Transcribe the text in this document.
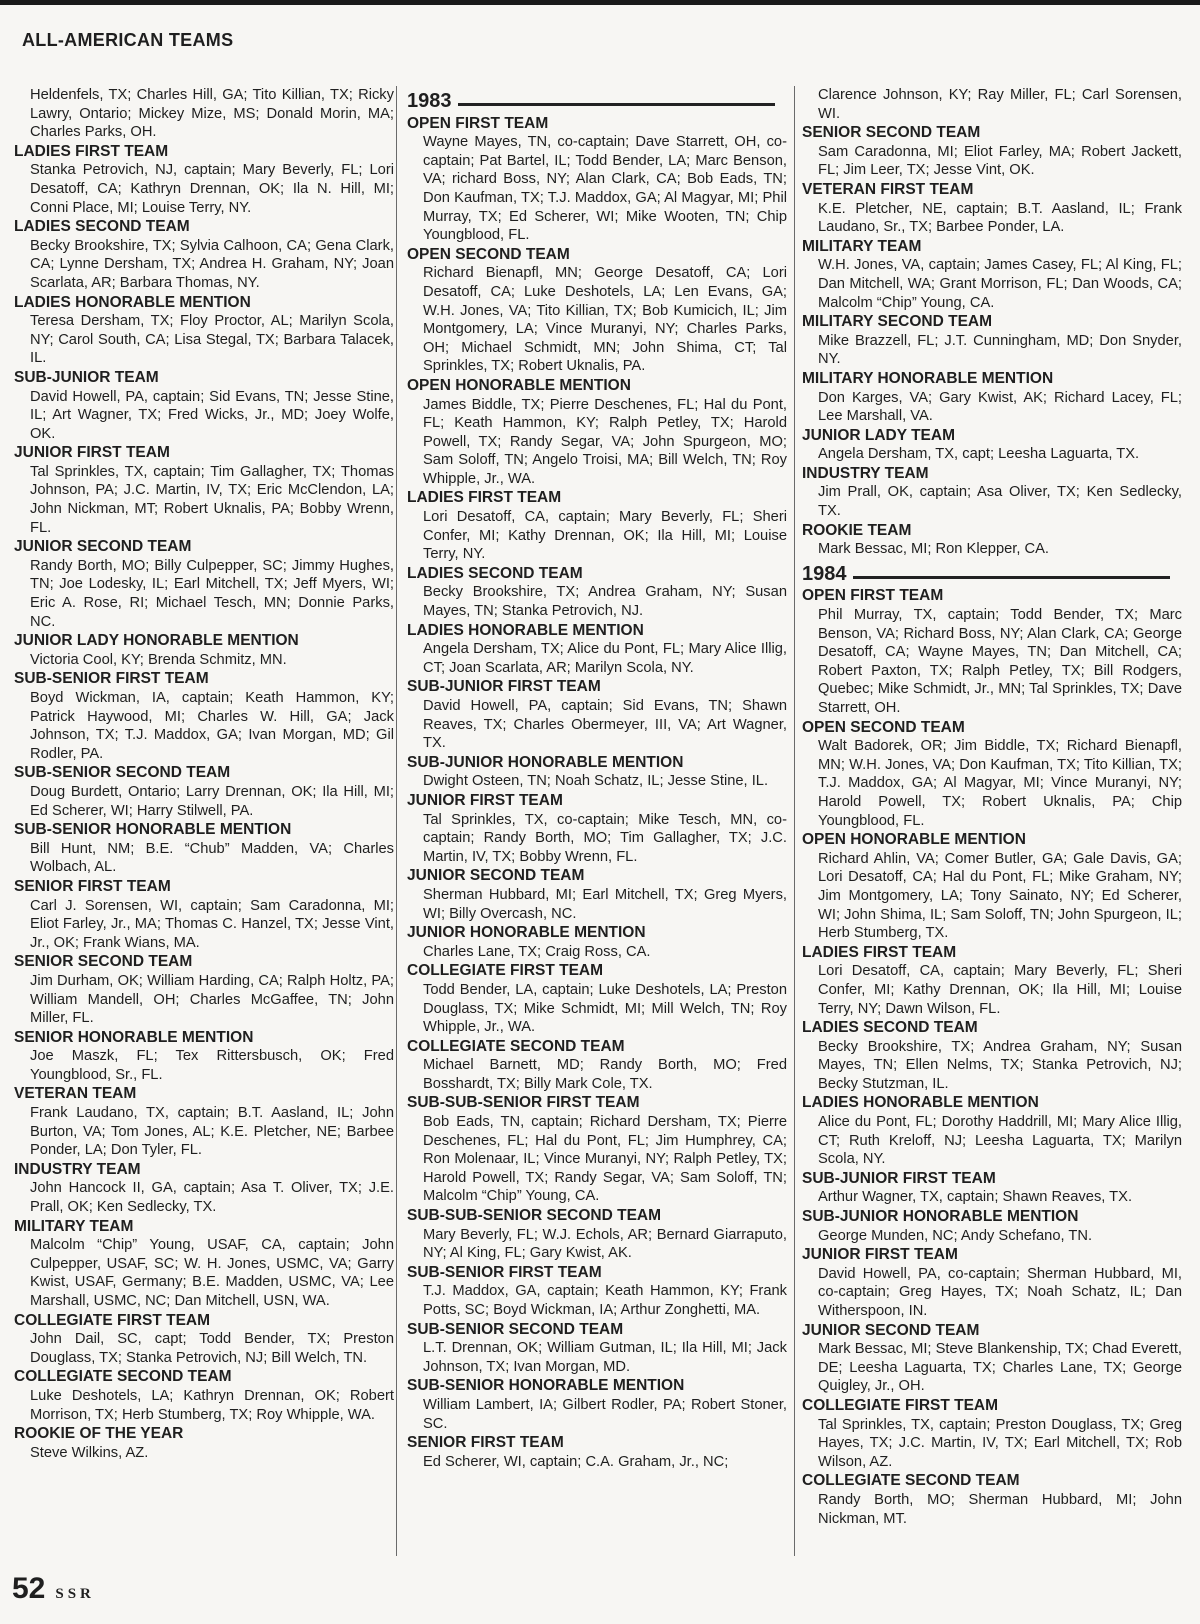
ALL-AMERICAN TEAMS
Heldenfels, TX; Charles Hill, GA; Tito Killian, TX; Ricky Lawry, Ontario; Mickey Mize, MS; Donald Morin, MA; Charles Parks, OH.
LADIES FIRST TEAM
Stanka Petrovich, NJ, captain; Mary Beverly, FL; Lori Desatoff, CA; Kathryn Drennan, OK; Ila N. Hill, MI; Conni Place, MI; Louise Terry, NY.
LADIES SECOND TEAM
Becky Brookshire, TX; Sylvia Calhoon, CA; Gena Clark, CA; Lynne Dersham, TX; Andrea H. Graham, NY; Joan Scarlata, AR; Barbara Thomas, NY.
LADIES HONORABLE MENTION
Teresa Dersham, TX; Floy Proctor, AL; Marilyn Scola, NY; Carol South, CA; Lisa Stegal, TX; Barbara Talacek, IL.
SUB-JUNIOR TEAM
David Howell, PA, captain; Sid Evans, TN; Jesse Stine, IL; Art Wagner, TX; Fred Wicks, Jr., MD; Joey Wolfe, OK.
JUNIOR FIRST TEAM
Tal Sprinkles, TX, captain; Tim Gallagher, TX; Thomas Johnson, PA; J.C. Martin, IV, TX; Eric McClendon, LA; John Nickman, MT; Robert Uknalis, PA; Bobby Wrenn, FL.
JUNIOR SECOND TEAM
Randy Borth, MO; Billy Culpepper, SC; Jimmy Hughes, TN; Joe Lodesky, IL; Earl Mitchell, TX; Jeff Myers, WI; Eric A. Rose, RI; Michael Tesch, MN; Donnie Parks, NC.
JUNIOR LADY HONORABLE MENTION
Victoria Cool, KY; Brenda Schmitz, MN.
SUB-SENIOR FIRST TEAM
Boyd Wickman, IA, captain; Keath Hammon, KY; Patrick Haywood, MI; Charles W. Hill, GA; Jack Johnson, TX; T.J. Maddox, GA; Ivan Morgan, MD; Gil Rodler, PA.
SUB-SENIOR SECOND TEAM
Doug Burdett, Ontario; Larry Drennan, OK; Ila Hill, MI; Ed Scherer, WI; Harry Stilwell, PA.
SUB-SENIOR HONORABLE MENTION
Bill Hunt, NM; B.E. “Chub” Madden, VA; Charles Wolbach, AL.
SENIOR FIRST TEAM
Carl J. Sorensen, WI, captain; Sam Caradonna, MI; Eliot Farley, Jr., MA; Thomas C. Hanzel, TX; Jesse Vint, Jr., OK; Frank Wians, MA.
SENIOR SECOND TEAM
Jim Durham, OK; William Harding, CA; Ralph Holtz, PA; William Mandell, OH; Charles McGaffee, TN; John Miller, FL.
SENIOR HONORABLE MENTION
Joe Maszk, FL; Tex Rittersbusch, OK; Fred Youngblood, Sr., FL.
VETERAN TEAM
Frank Laudano, TX, captain; B.T. Aasland, IL; John Burton, VA; Tom Jones, AL; K.E. Pletcher, NE; Barbee Ponder, LA; Don Tyler, FL.
INDUSTRY TEAM
John Hancock II, GA, captain; Asa T. Oliver, TX; J.E. Prall, OK; Ken Sedlecky, TX.
MILITARY TEAM
Malcolm “Chip” Young, USAF, CA, captain; John Culpepper, USAF, SC; W. H. Jones, USMC, VA; Garry Kwist, USAF, Germany; B.E. Madden, USMC, VA; Lee Marshall, USMC, NC; Dan Mitchell, USN, WA.
COLLEGIATE FIRST TEAM
John Dail, SC, capt; Todd Bender, TX; Preston Douglass, TX; Stanka Petrovich, NJ; Bill Welch, TN.
COLLEGIATE SECOND TEAM
Luke Deshotels, LA; Kathryn Drennan, OK; Robert Morrison, TX; Herb Stumberg, TX; Roy Whipple, WA.
ROOKIE OF THE YEAR
Steve Wilkins, AZ.
1983
OPEN FIRST TEAM
Wayne Mayes, TN, co-captain; Dave Starrett, OH, co-captain; Pat Bartel, IL; Todd Bender, LA; Marc Benson, VA; richard Boss, NY; Alan Clark, CA; Bob Eads, TN; Don Kaufman, TX; T.J. Maddox, GA; Al Magyar, MI; Phil Murray, TX; Ed Scherer, WI; Mike Wooten, TN; Chip Youngblood, FL.
OPEN SECOND TEAM
Richard Bienapfl, MN; George Desatoff, CA; Lori Desatoff, CA; Luke Deshotels, LA; Len Evans, GA; W.H. Jones, VA; Tito Killian, TX; Bob Kumicich, IL; Jim Montgomery, LA; Vince Muranyi, NY; Charles Parks, OH; Michael Schmidt, MN; John Shima, CT; Tal Sprinkles, TX; Robert Uknalis, PA.
OPEN HONORABLE MENTION
James Biddle, TX; Pierre Deschenes, FL; Hal du Pont, FL; Keath Hammon, KY; Ralph Petley, TX; Harold Powell, TX; Randy Segar, VA; John Spurgeon, MO; Sam Soloff, TN; Angelo Troisi, MA; Bill Welch, TN; Roy Whipple, Jr., WA.
LADIES FIRST TEAM
Lori Desatoff, CA, captain; Mary Beverly, FL; Sheri Confer, MI; Kathy Drennan, OK; Ila Hill, MI; Louise Terry, NY.
LADIES SECOND TEAM
Becky Brookshire, TX; Andrea Graham, NY; Susan Mayes, TN; Stanka Petrovich, NJ.
LADIES HONORABLE MENTION
Angela Dersham, TX; Alice du Pont, FL; Mary Alice Illig, CT; Joan Scarlata, AR; Marilyn Scola, NY.
SUB-JUNIOR FIRST TEAM
David Howell, PA, captain; Sid Evans, TN; Shawn Reaves, TX; Charles Obermeyer, III, VA; Art Wagner, TX.
SUB-JUNIOR HONORABLE MENTION
Dwight Osteen, TN; Noah Schatz, IL; Jesse Stine, IL.
JUNIOR FIRST TEAM
Tal Sprinkles, TX, co-captain; Mike Tesch, MN, co-captain; Randy Borth, MO; Tim Gallagher, TX; J.C. Martin, IV, TX; Bobby Wrenn, FL.
JUNIOR SECOND TEAM
Sherman Hubbard, MI; Earl Mitchell, TX; Greg Myers, WI; Billy Overcash, NC.
JUNIOR HONORABLE MENTION
Charles Lane, TX; Craig Ross, CA.
COLLEGIATE FIRST TEAM
Todd Bender, LA, captain; Luke Deshotels, LA; Preston Douglass, TX; Mike Schmidt, MI; Mill Welch, TN; Roy Whipple, Jr., WA.
COLLEGIATE SECOND TEAM
Michael Barnett, MD; Randy Borth, MO; Fred Bosshardt, TX; Billy Mark Cole, TX.
SUB-SUB-SENIOR FIRST TEAM
Bob Eads, TN, captain; Richard Dersham, TX; Pierre Deschenes, FL; Hal du Pont, FL; Jim Humphrey, CA; Ron Molenaar, IL; Vince Muranyi, NY; Ralph Petley, TX; Harold Powell, TX; Randy Segar, VA; Sam Soloff, TN; Malcolm “Chip” Young, CA.
SUB-SUB-SENIOR SECOND TEAM
Mary Beverly, FL; W.J. Echols, AR; Bernard Giarraputo, NY; Al King, FL; Gary Kwist, AK.
SUB-SENIOR FIRST TEAM
T.J. Maddox, GA, captain; Keath Hammon, KY; Frank Potts, SC; Boyd Wickman, IA; Arthur Zonghetti, MA.
SUB-SENIOR SECOND TEAM
L.T. Drennan, OK; William Gutman, IL; Ila Hill, MI; Jack Johnson, TX; Ivan Morgan, MD.
SUB-SENIOR HONORABLE MENTION
William Lambert, IA; Gilbert Rodler, PA; Robert Stoner, SC.
SENIOR FIRST TEAM
Ed Scherer, WI, captain; C.A. Graham, Jr., NC;
Clarence Johnson, KY; Ray Miller, FL; Carl Sorensen, WI.
SENIOR SECOND TEAM
Sam Caradonna, MI; Eliot Farley, MA; Robert Jackett, FL; Jim Leer, TX; Jesse Vint, OK.
VETERAN FIRST TEAM
K.E. Pletcher, NE, captain; B.T. Aasland, IL; Frank Laudano, Sr., TX; Barbee Ponder, LA.
MILITARY TEAM
W.H. Jones, VA, captain; James Casey, FL; Al King, FL; Dan Mitchell, WA; Grant Morrison, FL; Dan Woods, CA; Malcolm “Chip” Young, CA.
MILITARY SECOND TEAM
Mike Brazzell, FL; J.T. Cunningham, MD; Don Snyder, NY.
MILITARY HONORABLE MENTION
Don Karges, VA; Gary Kwist, AK; Richard Lacey, FL; Lee Marshall, VA.
JUNIOR LADY TEAM
Angela Dersham, TX, capt; Leesha Laguarta, TX.
INDUSTRY TEAM
Jim Prall, OK, captain; Asa Oliver, TX; Ken Sedlecky, TX.
ROOKIE TEAM
Mark Bessac, MI; Ron Klepper, CA.
1984
OPEN FIRST TEAM
Phil Murray, TX, captain; Todd Bender, TX; Marc Benson, VA; Richard Boss, NY; Alan Clark, CA; George Desatoff, CA; Wayne Mayes, TN; Dan Mitchell, CA; Robert Paxton, TX; Ralph Petley, TX; Bill Rodgers, Quebec; Mike Schmidt, Jr., MN; Tal Sprinkles, TX; Dave Starrett, OH.
OPEN SECOND TEAM
Walt Badorek, OR; Jim Biddle, TX; Richard Bienapfl, MN; W.H. Jones, VA; Don Kaufman, TX; Tito Killian, TX; T.J. Maddox, GA; Al Magyar, MI; Vince Muranyi, NY; Harold Powell, TX; Robert Uknalis, PA; Chip Youngblood, FL.
OPEN HONORABLE MENTION
Richard Ahlin, VA; Comer Butler, GA; Gale Davis, GA; Lori Desatoff, CA; Hal du Pont, FL; Mike Graham, NY; Jim Montgomery, LA; Tony Sainato, NY; Ed Scherer, WI; John Shima, IL; Sam Soloff, TN; John Spurgeon, IL; Herb Stumberg, TX.
LADIES FIRST TEAM
Lori Desatoff, CA, captain; Mary Beverly, FL; Sheri Confer, MI; Kathy Drennan, OK; Ila Hill, MI; Louise Terry, NY; Dawn Wilson, FL.
LADIES SECOND TEAM
Becky Brookshire, TX; Andrea Graham, NY; Susan Mayes, TN; Ellen Nelms, TX; Stanka Petrovich, NJ; Becky Stutzman, IL.
LADIES HONORABLE MENTION
Alice du Pont, FL; Dorothy Haddrill, MI; Mary Alice Illig, CT; Ruth Kreloff, NJ; Leesha Laguarta, TX; Marilyn Scola, NY.
SUB-JUNIOR FIRST TEAM
Arthur Wagner, TX, captain; Shawn Reaves, TX.
SUB-JUNIOR HONORABLE MENTION
George Munden, NC; Andy Schefano, TN.
JUNIOR FIRST TEAM
David Howell, PA, co-captain; Sherman Hubbard, MI, co-captain; Greg Hayes, TX; Noah Schatz, IL; Dan Witherspoon, IN.
JUNIOR SECOND TEAM
Mark Bessac, MI; Steve Blankenship, TX; Chad Everett, DE; Leesha Laguarta, TX; Charles Lane, TX; George Quigley, Jr., OH.
COLLEGIATE FIRST TEAM
Tal Sprinkles, TX, captain; Preston Douglass, TX; Greg Hayes, TX; J.C. Martin, IV, TX; Earl Mitchell, TX; Rob Wilson, AZ.
COLLEGIATE SECOND TEAM
Randy Borth, MO; Sherman Hubbard, MI; John Nickman, MT.
52 SSR
